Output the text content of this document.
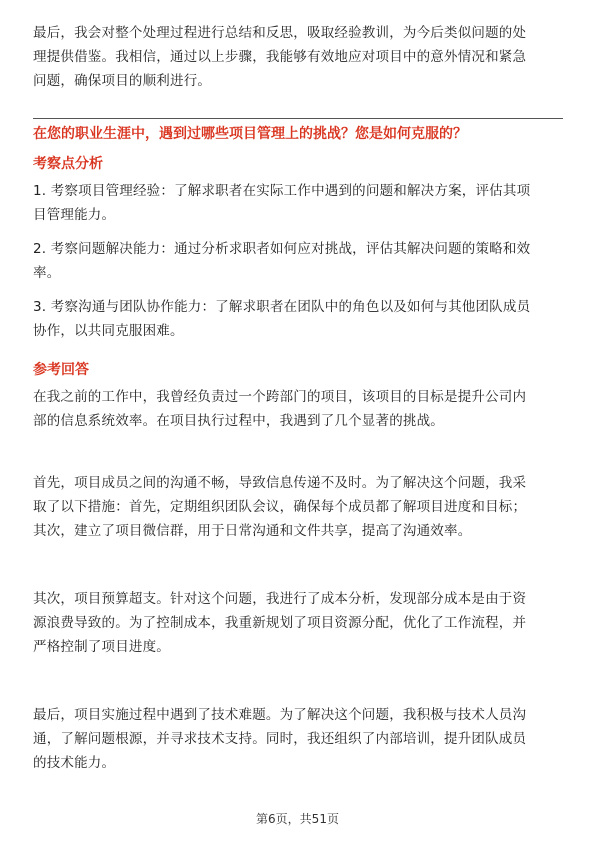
最后，我会对整个处理过程进行总结和反思，吸取经验教训，为今后类似问题的处
理提供借鉴。我相信，通过以上步骤，我能够有效地应对项目中的意外情况和紧急
问题，确保项目的顺利进行。
在您的职业生涯中，遇到过哪些项目管理上的挑战？您是如何克服的？
考察点分析
1. 考察项目管理经验：了解求职者在实际工作中遇到的问题和解决方案，评估其项
目管理能力。
2. 考察问题解决能力：通过分析求职者如何应对挑战，评估其解决问题的策略和效
率。
3. 考察沟通与团队协作能力：了解求职者在团队中的角色以及如何与其他团队成员
协作，以共同克服困难。
参考回答
在我之前的工作中，我曾经负责过一个跨部门的项目，该项目的目标是提升公司内
部的信息系统效率。在项目执行过程中，我遇到了几个显著的挑战。
首先，项目成员之间的沟通不畅，导致信息传递不及时。为了解决这个问题，我采
取了以下措施：首先，定期组织团队会议，确保每个成员都了解项目进度和目标；
其次，建立了项目微信群，用于日常沟通和文件共享，提高了沟通效率。
其次，项目预算超支。针对这个问题，我进行了成本分析，发现部分成本是由于资
源浪费导致的。为了控制成本，我重新规划了项目资源分配，优化了工作流程，并
严格控制了项目进度。
最后，项目实施过程中遇到了技术难题。为了解决这个问题，我积极与技术人员沟
通，了解问题根源，并寻求技术支持。同时，我还组织了内部培训，提升团队成员
的技术能力。
第6页，共51页
